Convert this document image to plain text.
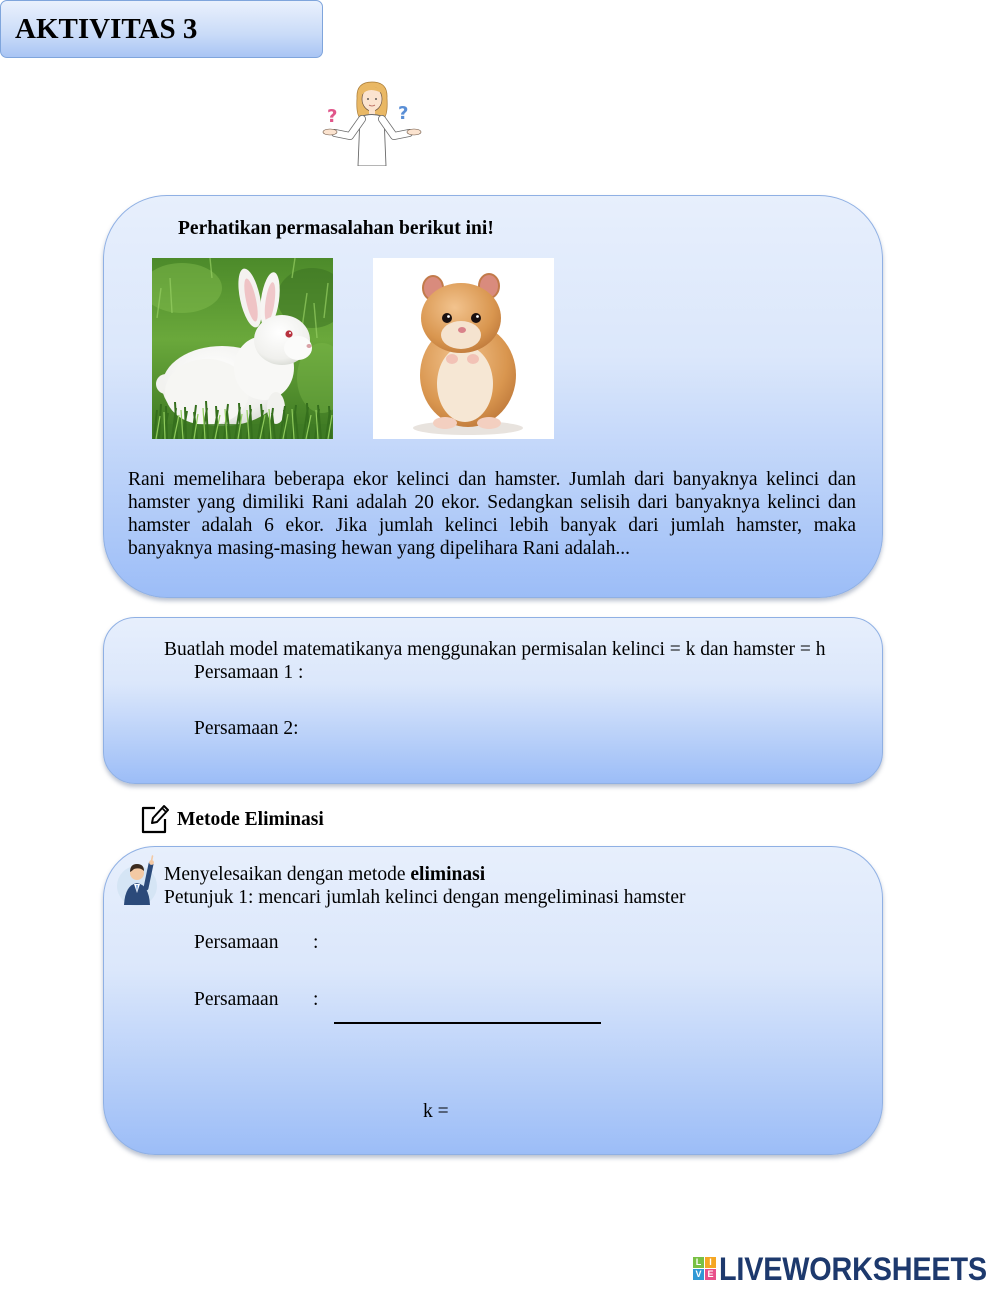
AKTIVITAS 3
?	?
Perhatikan permasalahan berikut ini!
Rani memelihara beberapa ekor kelinci dan hamster. Jumlah dari banyaknya kelinci dan
hamster yang dimiliki Rani adalah 20 ekor. Sedangkan selisih dari banyaknya kelinci dan
hamster adalah 6 ekor. Jika jumlah kelinci lebih banyak dari jumlah hamster, maka
banyaknya masing-masing hewan yang dipelihara Rani adalah...
Buatlah model matematikanya menggunakan permisalan kelinci = k dan hamster = h
Persamaan 1 :
Persamaan 2:
Metode Eliminasi
Menyelesaikan dengan metode eliminasi
Petunjuk 1: mencari jumlah kelinci dengan mengeliminasi hamster
Persamaan :
Persamaan :
k =
L I
V E LIVEWORKSHEETS
